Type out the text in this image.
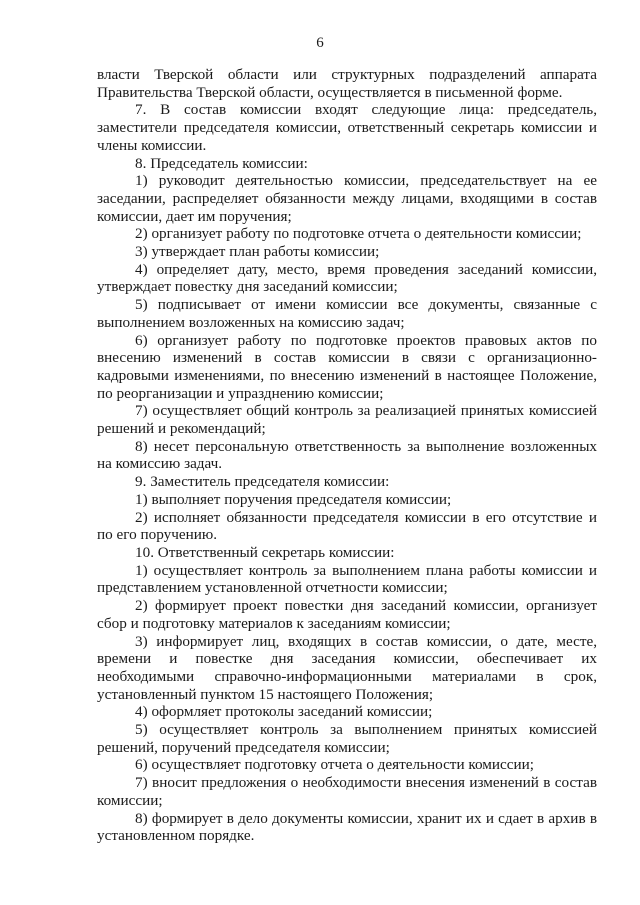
6

власти Тверской области или структурных подразделений аппарата Правительства Тверской области, осуществляется в письменной форме.

7. В состав комиссии входят следующие лица: председатель, заместители председателя комиссии, ответственный секретарь комиссии и члены комиссии.

8. Председатель комиссии:

1) руководит деятельностью комиссии, председательствует на ее заседании, распределяет обязанности между лицами, входящими в состав комиссии, дает им поручения;

2) организует работу по подготовке отчета о деятельности комиссии;

3) утверждает план работы комиссии;

4) определяет дату, место, время проведения заседаний комиссии, утверждает повестку дня заседаний комиссии;

5) подписывает от имени комиссии все документы, связанные с выполнением возложенных на комиссию задач;

6) организует работу по подготовке проектов правовых актов по внесению изменений в состав комиссии в связи с организационно-кадровыми изменениями, по внесению изменений в настоящее Положение, по реорганизации и упразднению комиссии;

7) осуществляет общий контроль за реализацией принятых комиссией решений и рекомендаций;

8) несет персональную ответственность за выполнение возложенных на комиссию задач.

9. Заместитель председателя комиссии:

1) выполняет поручения председателя комиссии;

2) исполняет обязанности председателя комиссии в его отсутствие и по его поручению.

10. Ответственный секретарь комиссии:

1) осуществляет контроль за выполнением плана работы комиссии и представлением установленной отчетности комиссии;

2) формирует проект повестки дня заседаний комиссии, организует сбор и подготовку материалов к заседаниям комиссии;

3) информирует лиц, входящих в состав комиссии, о дате, месте, времени и повестке дня заседания комиссии, обеспечивает их необходимыми справочно-информационными материалами в срок, установленный пунктом 15 настоящего Положения;

4) оформляет протоколы заседаний комиссии;

5) осуществляет контроль за выполнением принятых комиссией решений, поручений председателя комиссии;

6) осуществляет подготовку отчета о деятельности комиссии;

7) вносит предложения о необходимости внесения изменений в состав комиссии;

8) формирует в дело документы комиссии, хранит их и сдает в архив в установленном порядке.
